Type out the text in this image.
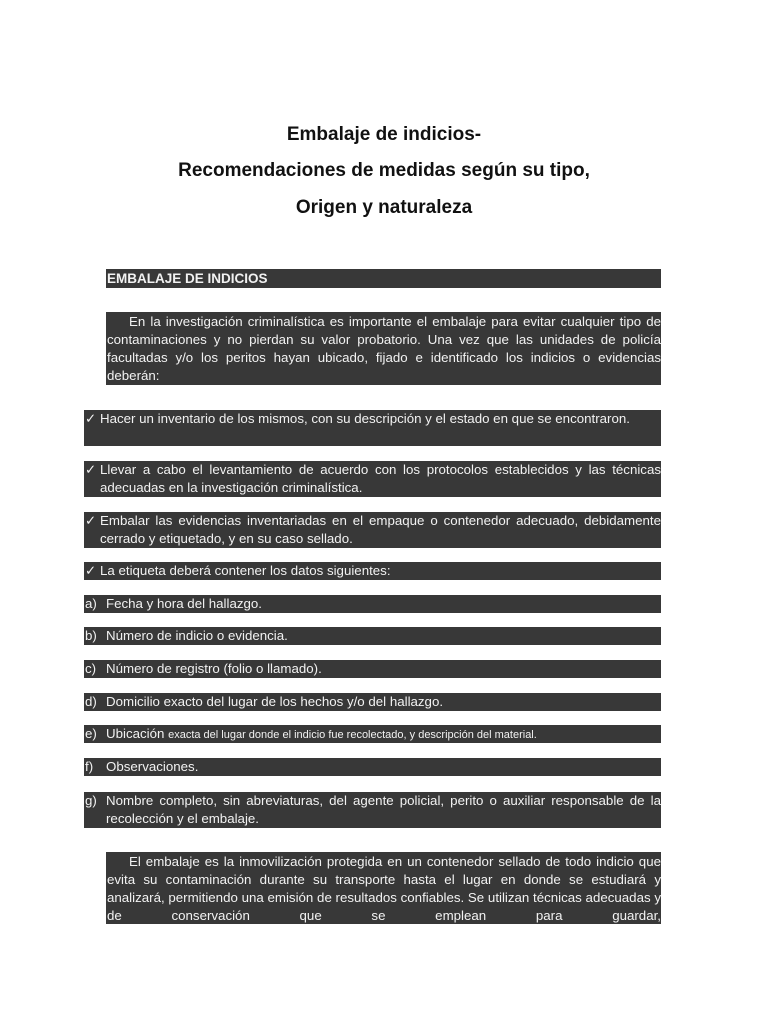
Embalaje de indicios-
Recomendaciones de medidas según su tipo,
Origen y naturaleza
EMBALAJE DE INDICIOS

En la investigación criminalística es importante el embalaje para evitar cualquier tipo de contaminaciones y no pierdan su valor probatorio. Una vez que las unidades de policía facultadas y/o los peritos hayan ubicado, fijado e identificado los indicios o evidencias deberán:

✓ Hacer un inventario de los mismos, con su descripción y el estado en que se encontraron.

✓ Llevar a cabo el levantamiento de acuerdo con los protocolos establecidos y las técnicas adecuadas en la investigación criminalística.

✓ Embalar las evidencias inventariadas en el empaque o contenedor adecuado, debidamente cerrado y etiquetado, y en su caso sellado.

✓ La etiqueta deberá contener los datos siguientes:

a) Fecha y hora del hallazgo.
b) Número de indicio o evidencia.
c) Número de registro (folio o llamado).
d) Domicilio exacto del lugar de los hechos y/o del hallazgo.
e) Ubicación exacta del lugar donde el indicio fue recolectado, y descripción del material.
f) Observaciones.
g) Nombre completo, sin abreviaturas, del agente policial, perito o auxiliar responsable de la recolección y el embalaje.

El embalaje es la inmovilización protegida en un contenedor sellado de todo indicio que evita su contaminación durante su transporte hasta el lugar en donde se estudiará y analizará, permitiendo una emisión de resultados confiables. Se utilizan técnicas adecuadas y de conservación que se emplean para guardar,
